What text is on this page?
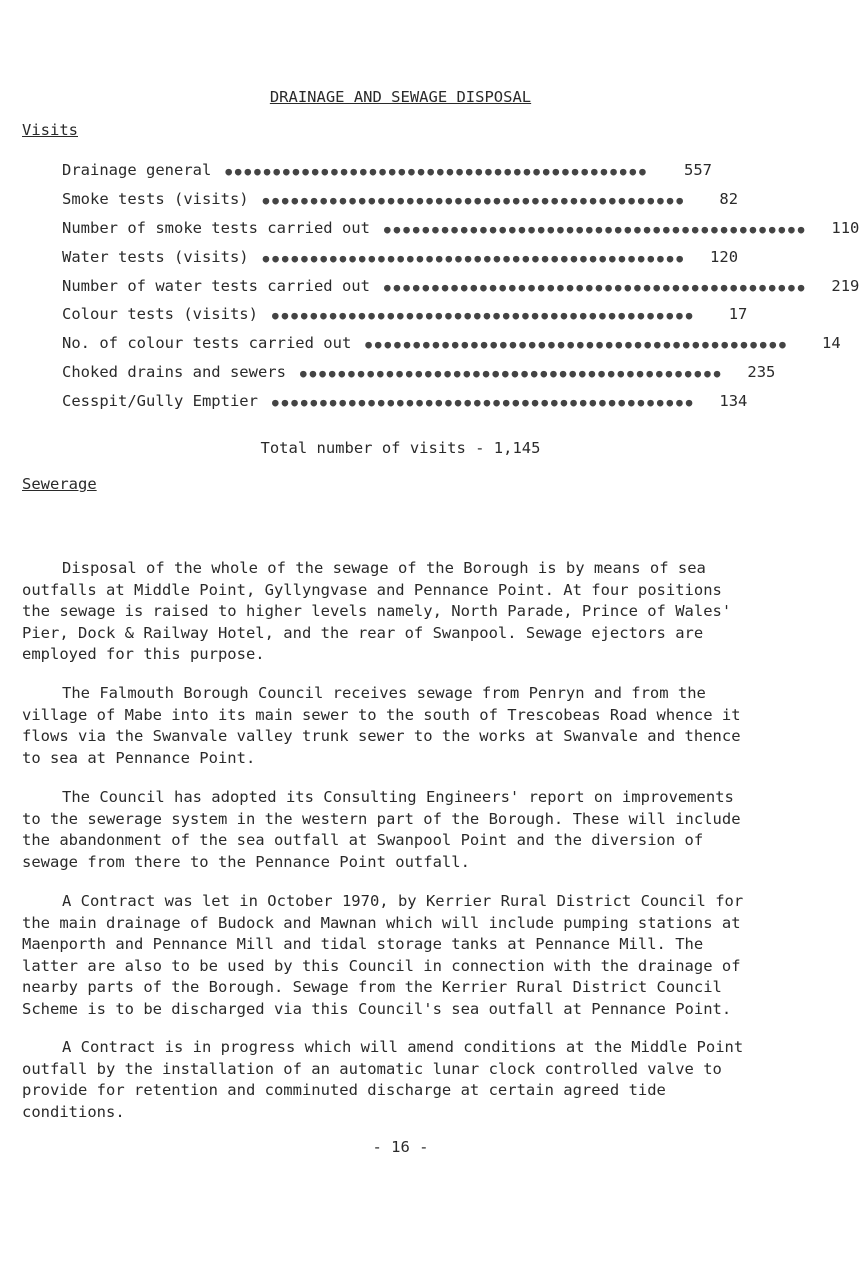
DRAINAGE AND SEWAGE DISPOSAL
Visits
Drainage general	●●●●●●●●●●●●●●●●●●●●●●●●●●●●●●●●●●●●●●●●●●●●	557
Smoke tests (visits)	●●●●●●●●●●●●●●●●●●●●●●●●●●●●●●●●●●●●●●●●●●●●	82
Number of smoke tests carried out	●●●●●●●●●●●●●●●●●●●●●●●●●●●●●●●●●●●●●●●●●●●●	110
Water tests (visits)	●●●●●●●●●●●●●●●●●●●●●●●●●●●●●●●●●●●●●●●●●●●●	120
Number of water tests carried out	●●●●●●●●●●●●●●●●●●●●●●●●●●●●●●●●●●●●●●●●●●●●	219
Colour tests (visits)	●●●●●●●●●●●●●●●●●●●●●●●●●●●●●●●●●●●●●●●●●●●●	17
No. of colour tests carried out	●●●●●●●●●●●●●●●●●●●●●●●●●●●●●●●●●●●●●●●●●●●●	14
Choked drains and sewers	●●●●●●●●●●●●●●●●●●●●●●●●●●●●●●●●●●●●●●●●●●●●	235
Cesspit/Gully Emptier	●●●●●●●●●●●●●●●●●●●●●●●●●●●●●●●●●●●●●●●●●●●●	134
Total number of visits - 1,145
Sewerage

Disposal of the whole of the sewage of the Borough is by means of sea outfalls at Middle Point, Gyllyngvase and Pennance Point. At four positions the sewage is raised to higher levels namely, North Parade, Prince of Wales' Pier, Dock & Railway Hotel, and the rear of Swanpool. Sewage ejectors are employed for this purpose.

The Falmouth Borough Council receives sewage from Penryn and from the village of Mabe into its main sewer to the south of Trescobeas Road whence it flows via the Swanvale valley trunk sewer to the works at Swanvale and thence to sea at Pennance Point.

The Council has adopted its Consulting Engineers' report on improvements to the sewerage system in the western part of the Borough. These will include the abandonment of the sea outfall at Swanpool Point and the diversion of sewage from there to the Pennance Point outfall.

A Contract was let in October 1970, by Kerrier Rural District Council for the main drainage of Budock and Mawnan which will include pumping stations at Maenporth and Pennance Mill and tidal storage tanks at Pennance Mill. The latter are also to be used by this Council in connection with the drainage of nearby parts of the Borough. Sewage from the Kerrier Rural District Council Scheme is to be discharged via this Council's sea outfall at Pennance Point.

A Contract is in progress which will amend conditions at the Middle Point outfall by the installation of an automatic lunar clock controlled valve to provide for retention and comminuted discharge at certain agreed tide conditions.

- 16 -
